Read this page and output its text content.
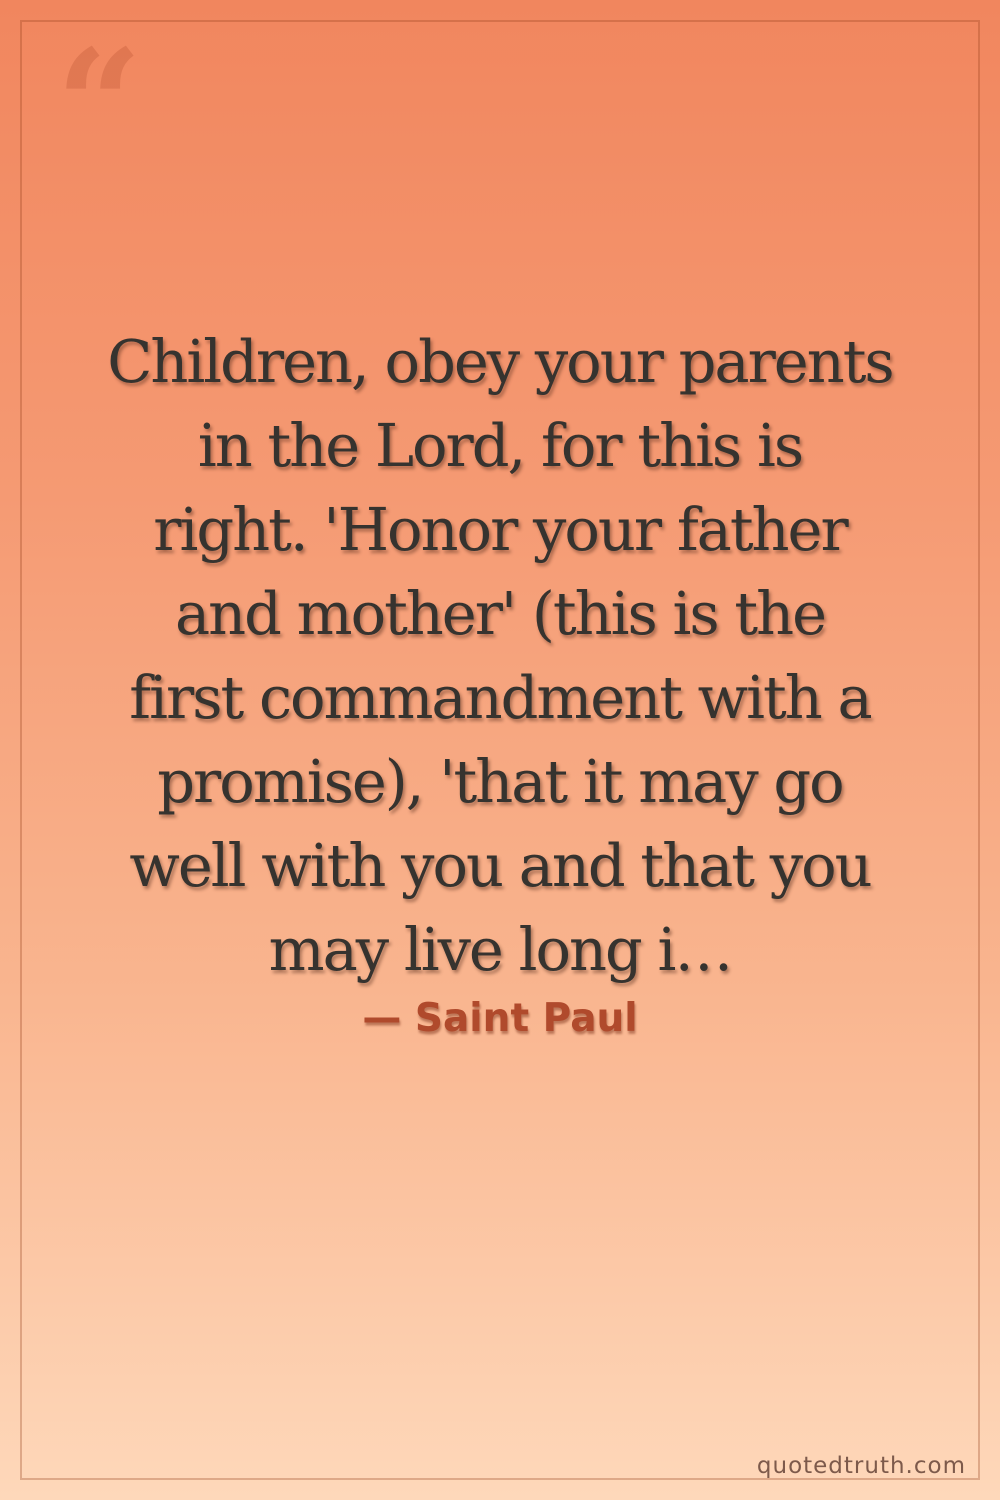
“
Children, obey your parents
in the Lord, for this is
right. 'Honor your father
and mother' (this is the
first commandment with a
promise), 'that it may go
well with you and that you
may live long i…
— Saint Paul
quotedtruth.com
